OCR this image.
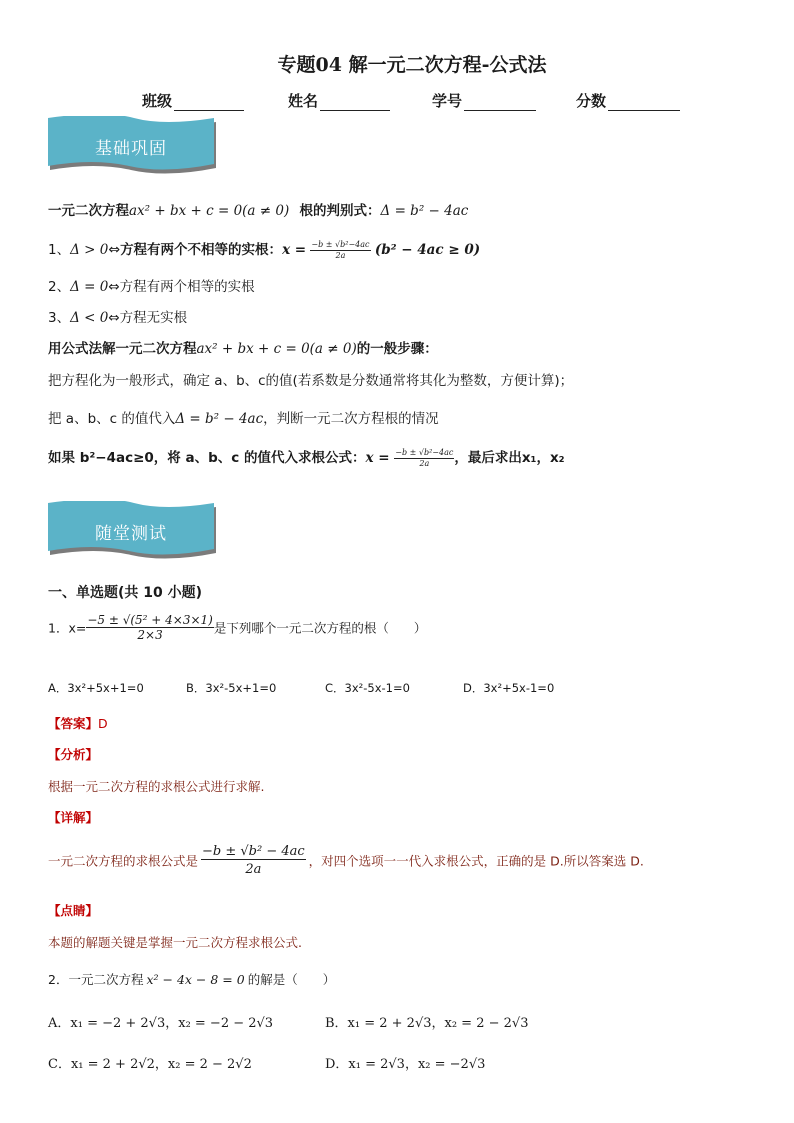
专题04 解一元二次方程-公式法
班级	姓名	学号	分数
基础巩固
一元二次方程ax² + bx + c = 0(a ≠ 0) 根的判别式：Δ = b² − 4ac
1、Δ > 0⇔方程有两个不相等的实根：$x = \frac{\text{−b ± √b²−4ac}}{2a} (b^2 - 4ac \ge 0)$
2、Δ = 0⇔方程有两个相等的实根
3、Δ < 0⇔方程无实根
用公式法解一元二次方程ax² + bx + c = 0(a ≠ 0)的一般步骤：
把方程化为一般形式，确定 a、b、c的值(若系数是分数通常将其化为整数，方便计算)；
把 a、b、c 的值代入Δ = b² − 4ac，判断一元二次方程根的情况
如果 b²−4ac≥0，将 a、b、c 的值代入求根公式：$x = \frac{\text{−b ± √b²−4ac}}{2a}$ ，最后求出x₁，x₂
随堂测试
一、单选题(共 10 小题)
1．$x= \frac{\text{−5 ± √(5² + 4×3×1)}}{2\times 3}$ 是下列哪个一元二次方程的根（　　）
A．3x²+5x+1=0	B．3x²-5x+1=0	C．3x²-5x-1=0	D．3x²+5x-1=0
【答案】D
【分析】
根据一元二次方程的求根公式进行求解.
【详解】
一元二次方程的求根公式是 $\frac{\text{−b ± √b² − 4ac}}{2a}$ ，对四个选项一一代入求根公式，正确的是 D.所以答案选 D.
【点睛】
本题的解题关键是掌握一元二次方程求根公式.
2．一元二次方程 x² − 4x − 8 = 0 的解是（　　）
A．x₁ = −2 + 2√3，x₂ = −2 − 2√3	B．x₁ = 2 + 2√3，x₂ = 2 − 2√3
C．x₁ = 2 + 2√2，x₂ = 2 − 2√2	D．x₁ = 2√3，x₂ = −2√3
